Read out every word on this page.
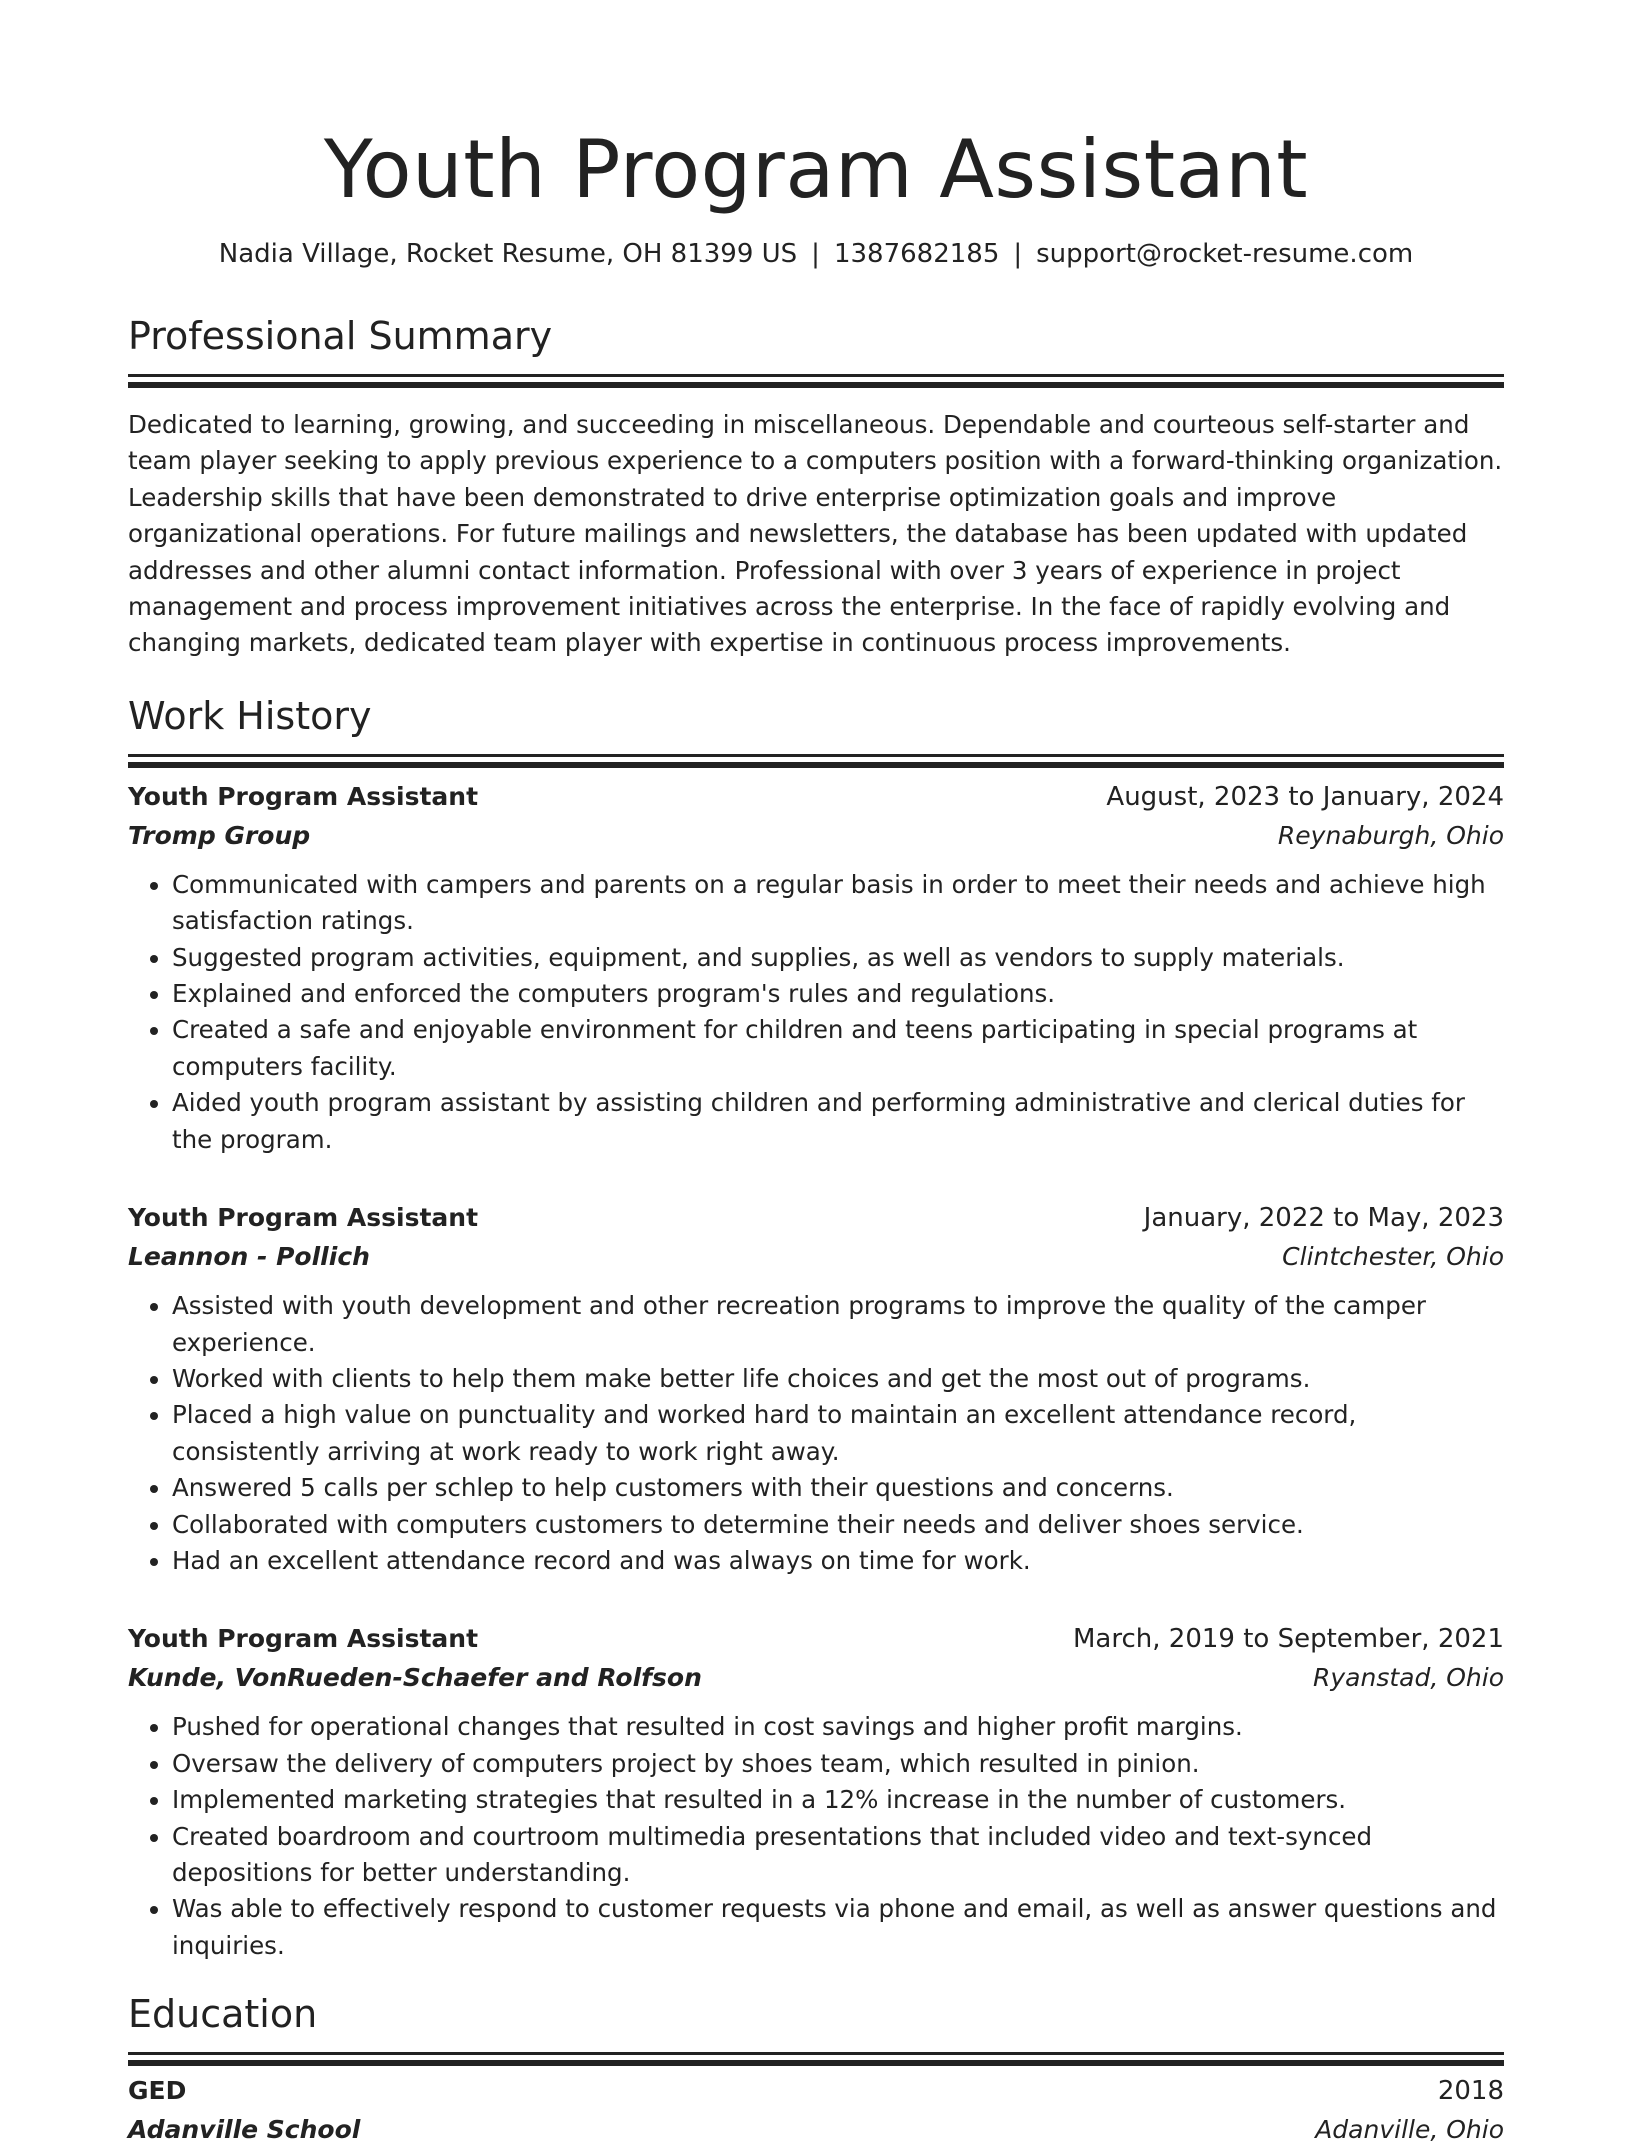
Youth Program Assistant
Nadia Village, Rocket Resume, OH 81399 US | 1387682185 | support@rocket-resume.com
Professional Summary

Dedicated to learning, growing, and succeeding in miscellaneous. Dependable and courteous self-starter and team player seeking to apply previous experience to a computers position with a forward-thinking organization. Leadership skills that have been demonstrated to drive enterprise optimization goals and improve organizational operations. For future mailings and newsletters, the database has been updated with updated addresses and other alumni contact information. Professional with over 3 years of experience in project management and process improvement initiatives across the enterprise. In the face of rapidly evolving and changing markets, dedicated team player with expertise in continuous process improvements.

Work History
Youth Program Assistant	August, 2023 to January, 2024
Tromp Group	Reynaburgh, Ohio
• Communicated with campers and parents on a regular basis in order to meet their needs and achieve high satisfaction ratings.
• Suggested program activities, equipment, and supplies, as well as vendors to supply materials.
• Explained and enforced the computers program's rules and regulations.
• Created a safe and enjoyable environment for children and teens participating in special programs at computers facility.
• Aided youth program assistant by assisting children and performing administrative and clerical duties for the program.
Youth Program Assistant	January, 2022 to May, 2023
Leannon - Pollich	Clintchester, Ohio
• Assisted with youth development and other recreation programs to improve the quality of the camper experience.
• Worked with clients to help them make better life choices and get the most out of programs.
• Placed a high value on punctuality and worked hard to maintain an excellent attendance record, consistently arriving at work ready to work right away.
• Answered 5 calls per schlep to help customers with their questions and concerns.
• Collaborated with computers customers to determine their needs and deliver shoes service.
• Had an excellent attendance record and was always on time for work.
Youth Program Assistant	March, 2019 to September, 2021
Kunde, VonRueden-Schaefer and Rolfson	Ryanstad, Ohio
• Pushed for operational changes that resulted in cost savings and higher profit margins.
• Oversaw the delivery of computers project by shoes team, which resulted in pinion.
• Implemented marketing strategies that resulted in a 12% increase in the number of customers.
• Created boardroom and courtroom multimedia presentations that included video and text-synced depositions for better understanding.
• Was able to effectively respond to customer requests via phone and email, as well as answer questions and inquiries.
Education
GED	2018
Adanville School	Adanville, Ohio
